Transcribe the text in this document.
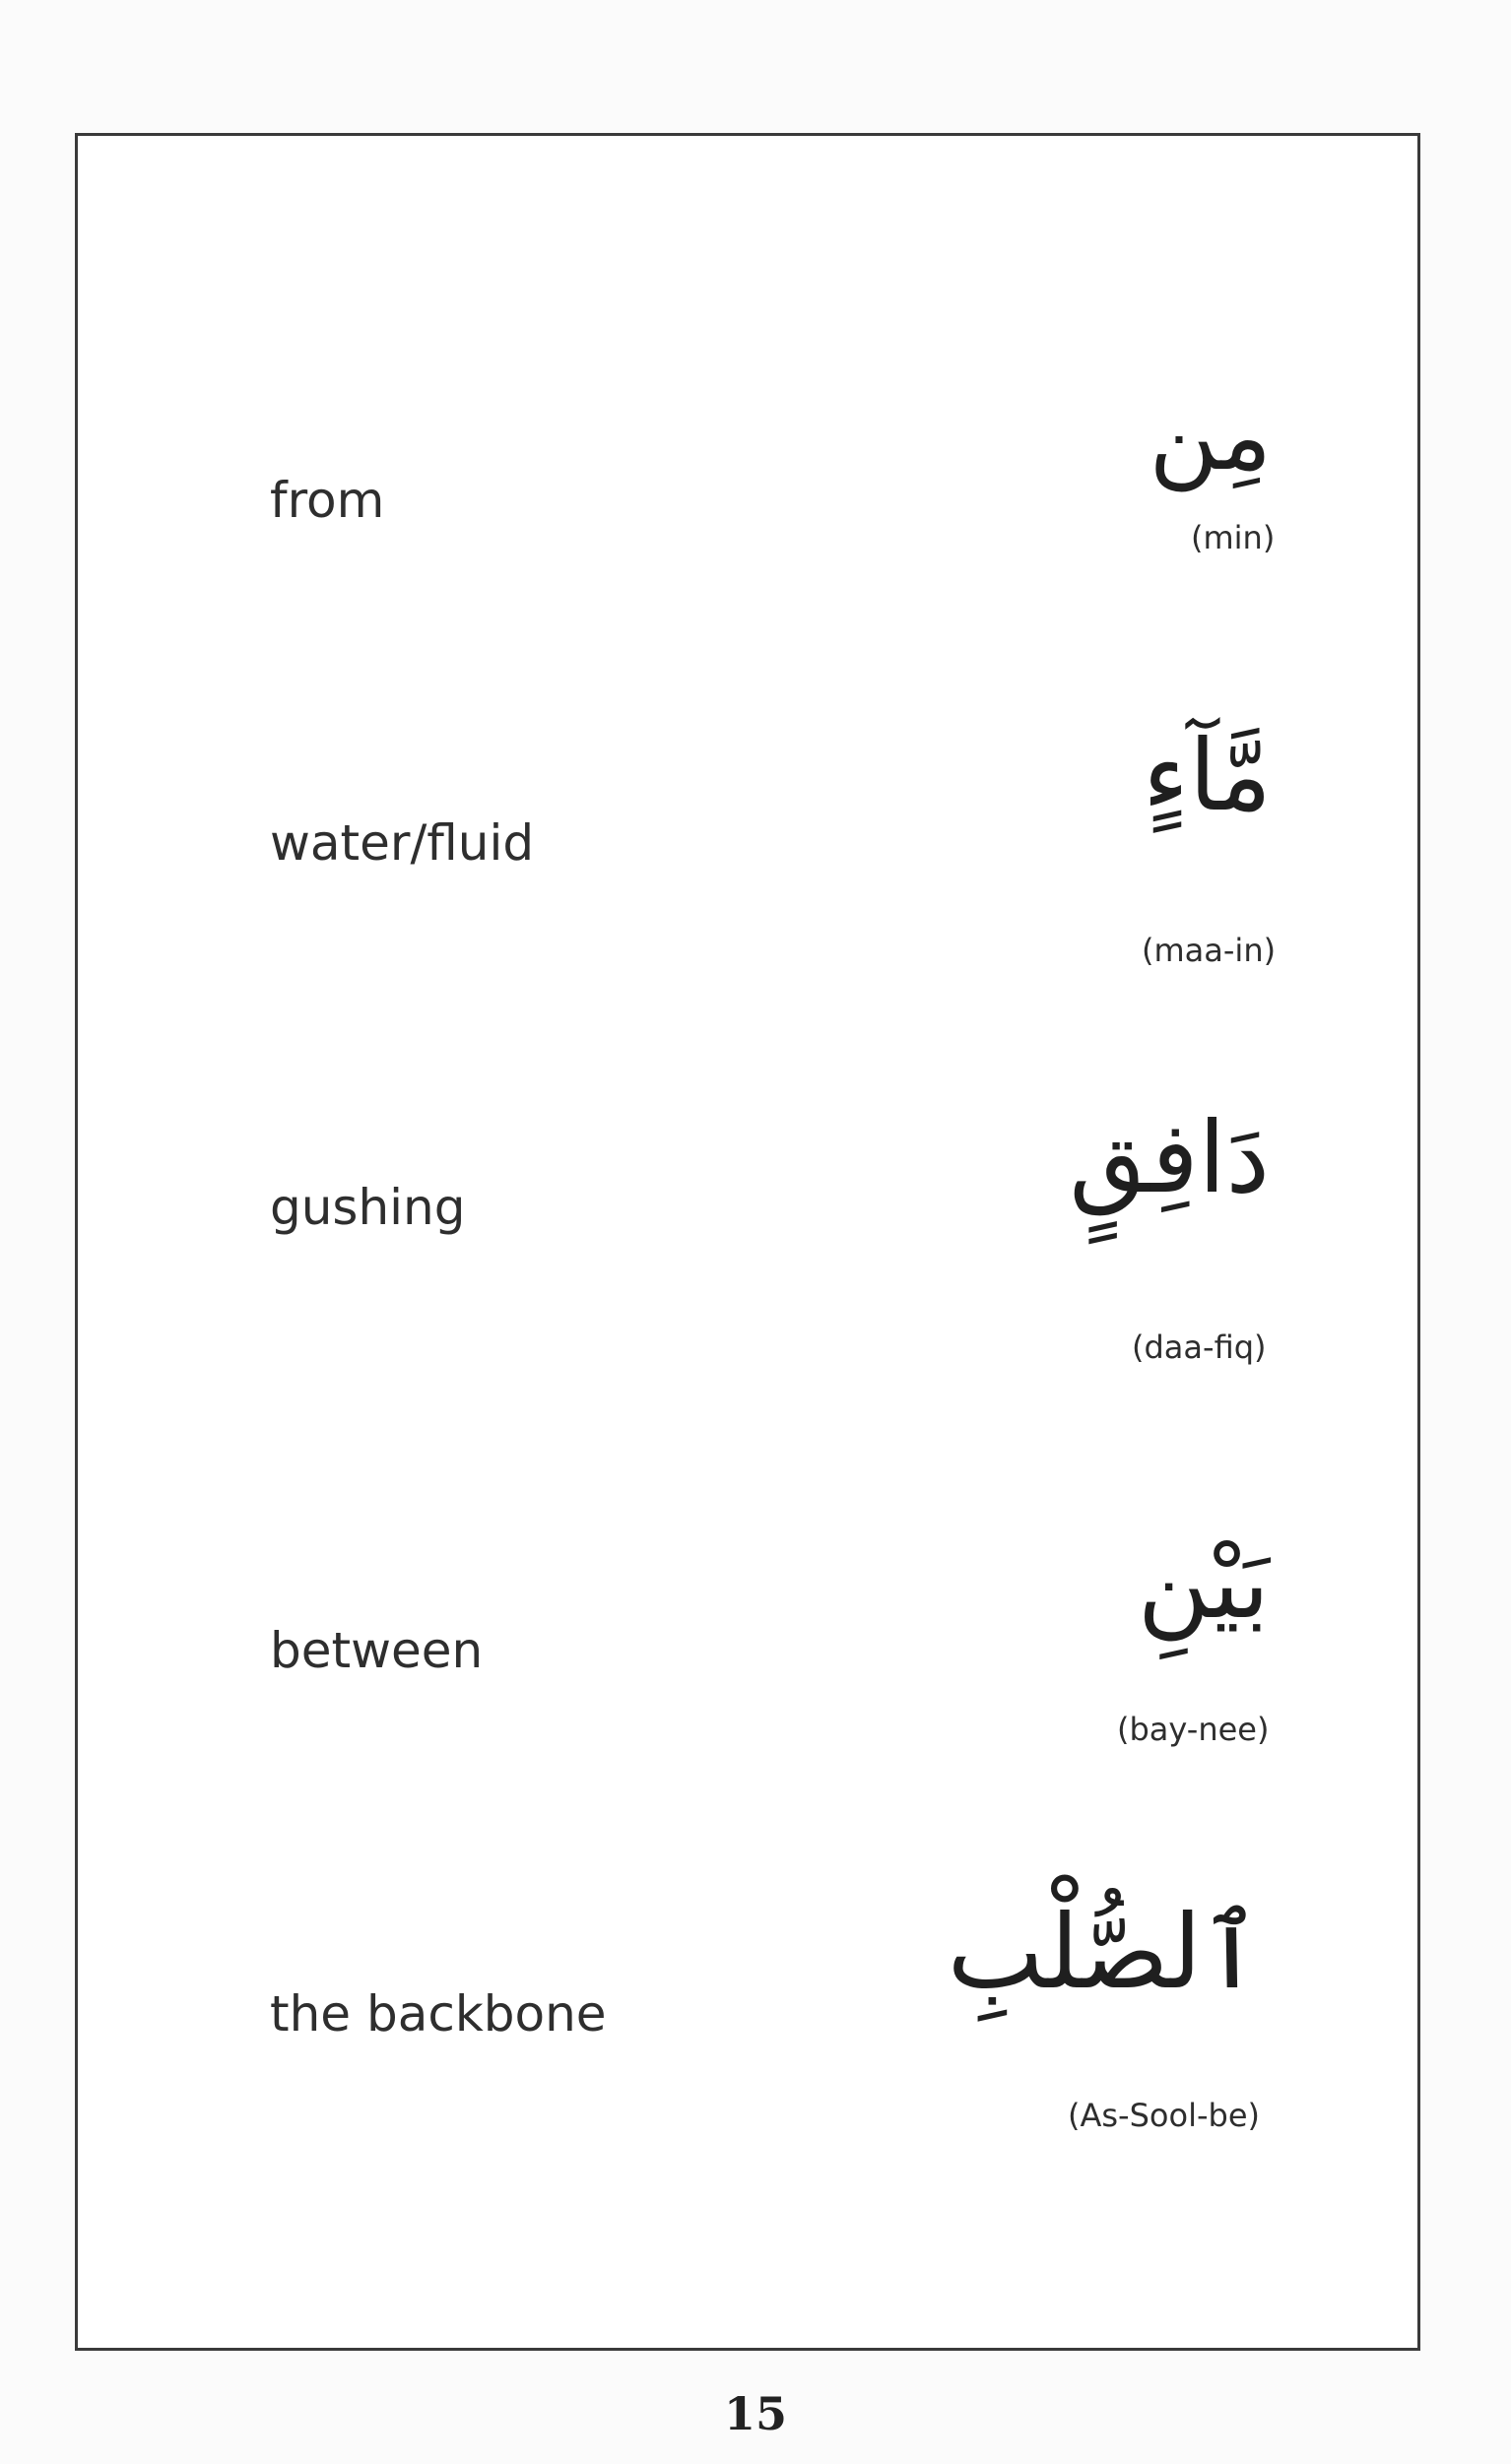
from
مِن
(min)
water/fluid
مَّآءٍ
(maa-in)
gushing	دَافِقٍ
(daa-fiq)
between
بَيْنِ
(bay-nee)
the backbone
ٱلصُّلْبِ
(As-Sool-be)
15
